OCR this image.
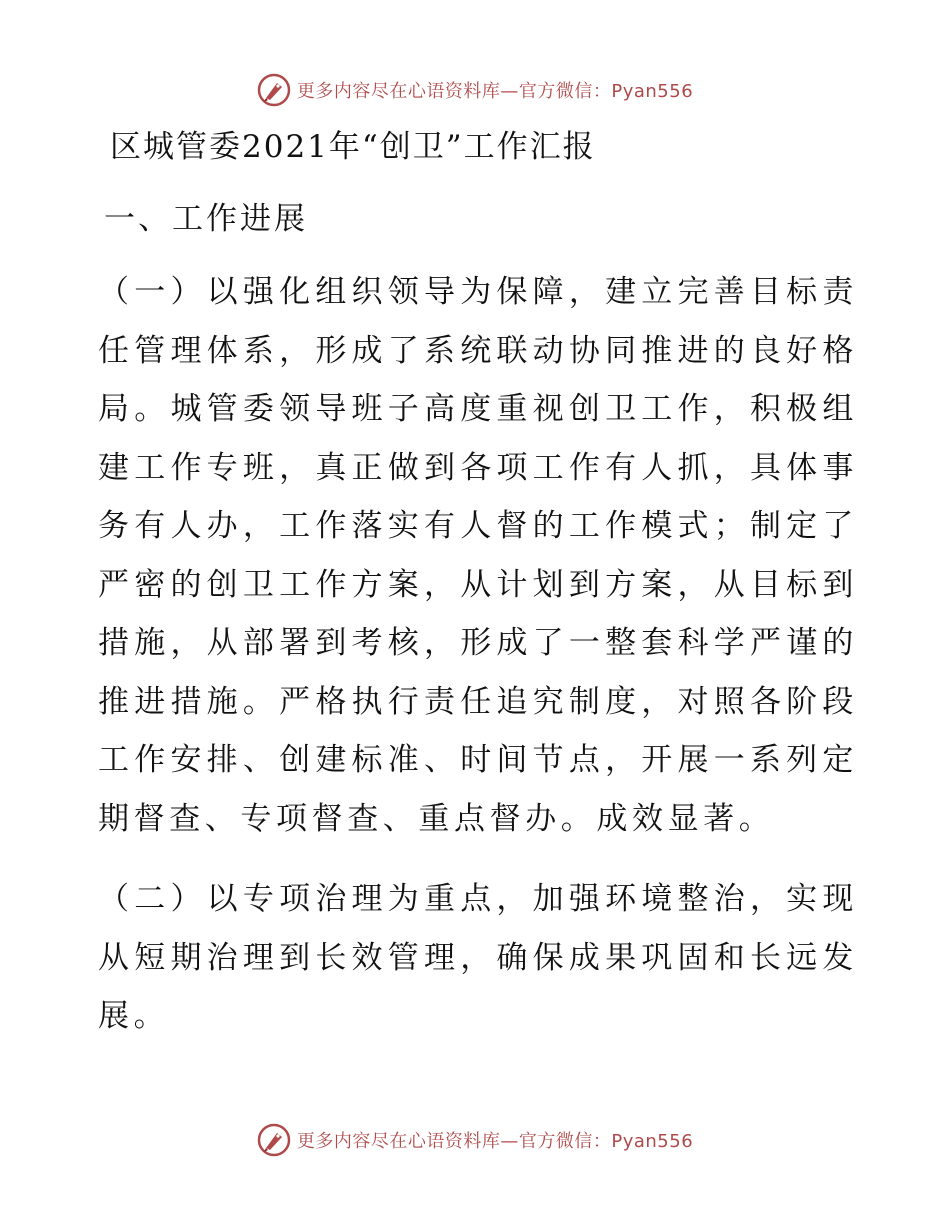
更多内容尽在心语资料库—官方微信：Pyan556
区城管委2021年“创卫”工作汇报
一、工作进展

（一）以强化组织领导为保障，建立完善目标责任管理体系，形成了系统联动协同推进的良好格局。城管委领导班子高度重视创卫工作，积极组建工作专班，真正做到各项工作有人抓，具体事务有人办，工作落实有人督的工作模式；制定了严密的创卫工作方案，从计划到方案，从目标到措施，从部署到考核，形成了一整套科学严谨的推进措施。严格执行责任追究制度，对照各阶段工作安排、创建标准、时间节点，开展一系列定期督查、专项督查、重点督办。成效显著。

（二）以专项治理为重点，加强环境整治，实现从短期治理到长效管理，确保成果巩固和长远发展。

更多内容尽在心语资料库—官方微信：Pyan556
